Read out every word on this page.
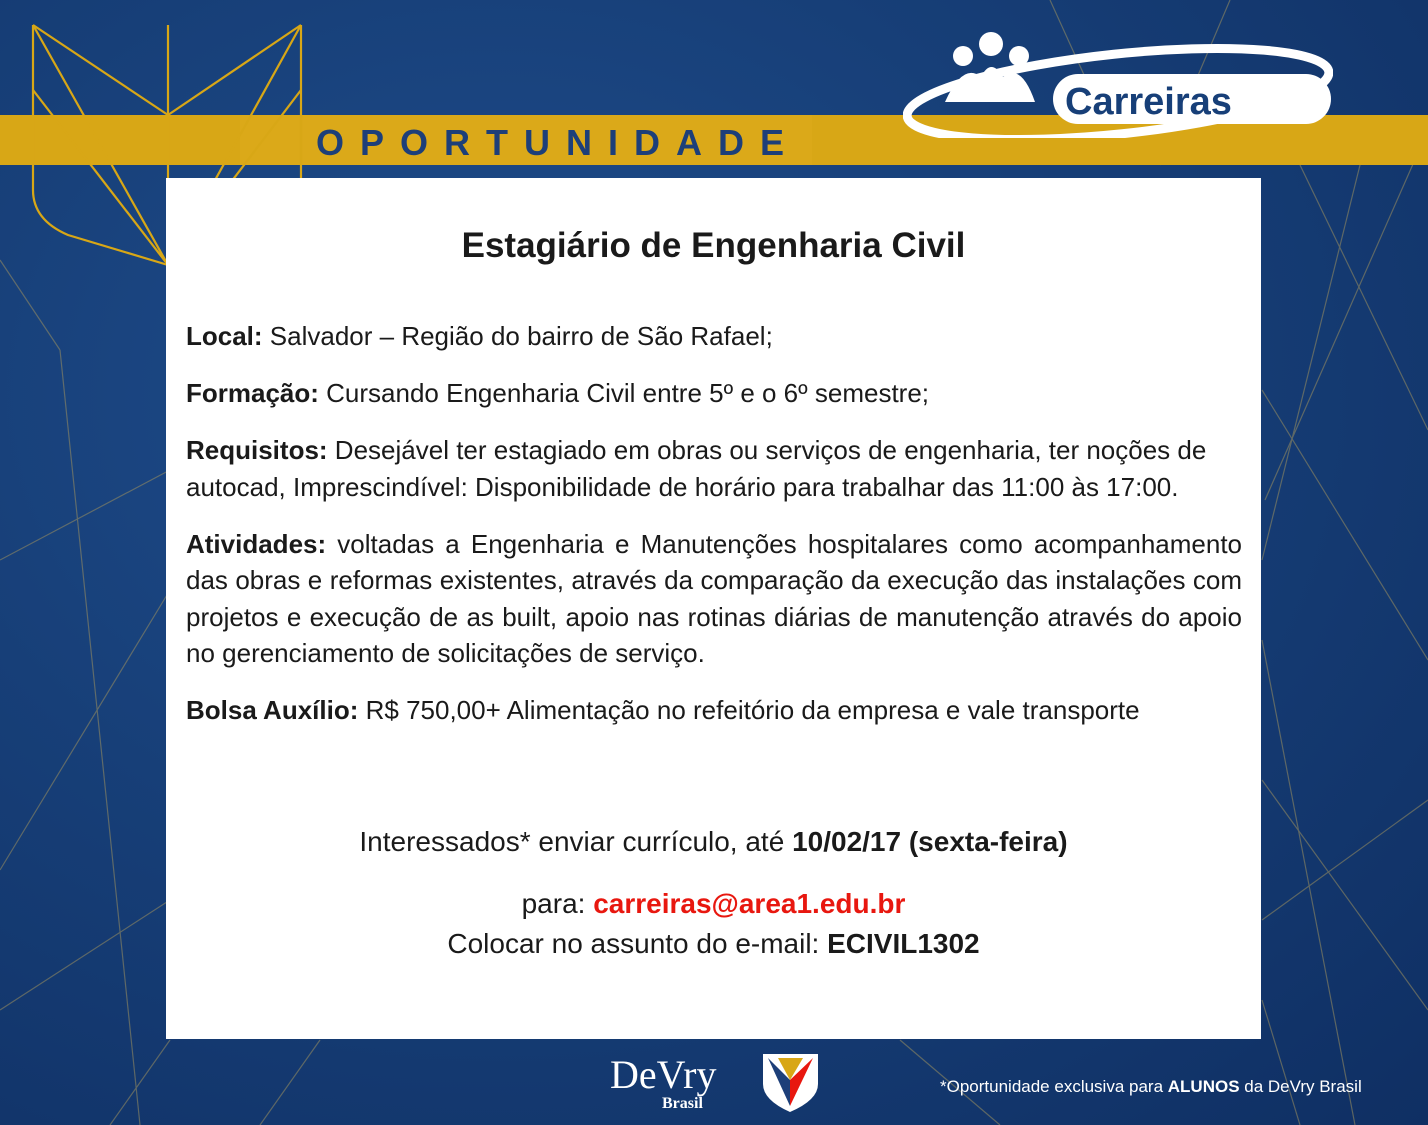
OPORTUNIDADE
Carreiras
Estagiário de Engenharia Civil

Local: Salvador – Região do bairro de São Rafael;

Formação: Cursando Engenharia Civil entre 5º e o 6º semestre;

Requisitos: Desejável ter estagiado em obras ou serviços de engenharia, ter noções de autocad, Imprescindível: Disponibilidade de horário para trabalhar das 11:00 às 17:00.

Atividades: voltadas a Engenharia e Manutenções hospitalares como acompanhamento das obras e reformas existentes, através da comparação da execução das instalações com projetos e execução de as built, apoio nas rotinas diárias de manutenção através do apoio no gerenciamento de solicitações de serviço.

Bolsa Auxílio: R$ 750,00+ Alimentação no refeitório da empresa e vale transporte

Interessados* enviar currículo, até 10/02/17 (sexta-feira)
para: carreiras@area1.edu.br
Colocar no assunto do e-mail: ECIVIL1302
DeVry
Brasil
*Oportunidade exclusiva para ALUNOS da DeVry Brasil
